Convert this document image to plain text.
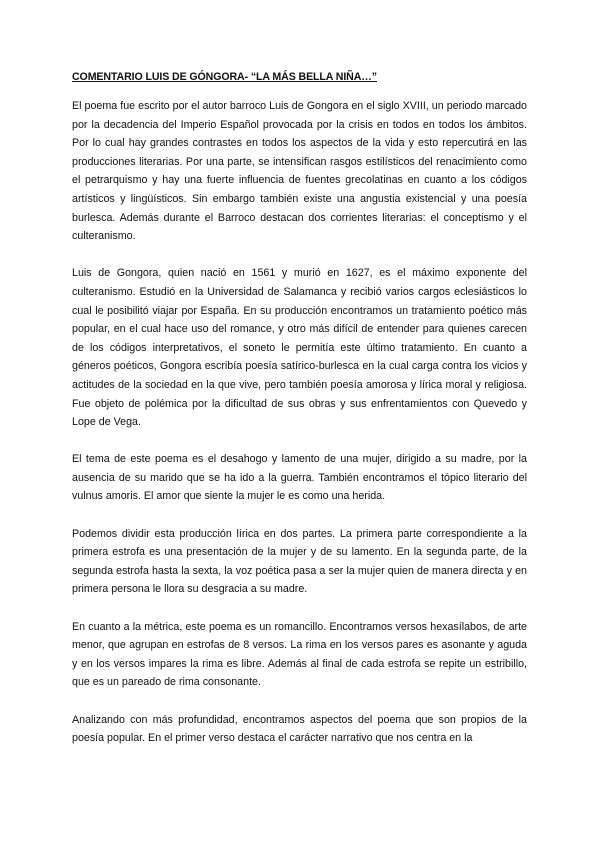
COMENTARIO LUIS DE GÓNGORA- “LA MÁS BELLA NIÑA…”

El poema fue escrito por el autor barroco Luis de Gongora en el siglo XVIII, un periodo marcado por la decadencia del Imperio Español provocada por la crisis en todos en todos los ámbitos. Por lo cual hay grandes contrastes en todos los aspectos de la vida y esto repercutirá en las producciones literarias. Por una parte, se intensifican rasgos estilísticos del renacimiento como el petrarquismo y hay una fuerte influencia de fuentes grecolatinas en cuanto a los códigos artísticos y lingüísticos. Sin embargo también existe una angustia existencial y una poesía burlesca. Además durante el Barroco destacan dos corrientes literarias: el conceptismo y el culteranismo.

Luis de Gongora, quien nació en 1561 y murió en 1627, es el máximo exponente del culteranismo. Estudió en la Universidad de Salamanca y recibió varios cargos eclesiásticos lo cual le posibilitó viajar por España. En su producción encontramos un tratamiento poético más popular, en el cual hace uso del romance, y otro más difícil de entender para quienes carecen de los códigos interpretativos, el soneto le permitía este último tratamiento. En cuanto a géneros poéticos, Gongora escribía poesía satírico-burlesca en la cual carga contra los vicios y actitudes de la sociedad en la que vive, pero también poesía amorosa y lírica moral y religiosa. Fue objeto de polémica por la dificultad de sus obras y sus enfrentamientos con Quevedo y Lope de Vega.

El tema de este poema es el desahogo y lamento de una mujer, dirigido a su madre, por la ausencia de su marido que se ha ido a la guerra. También encontramos el tópico literario del vulnus amoris. El amor que siente la mujer le es como una herida.

Podemos dividir esta producción lírica en dos partes. La primera parte correspondiente a la primera estrofa es una presentación de la mujer y de su lamento. En la segunda parte, de la segunda estrofa hasta la sexta, la voz poética pasa a ser la mujer quien de manera directa y en primera persona le llora su desgracia a su madre.

En cuanto a la métrica, este poema es un romancillo. Encontramos versos hexasílabos, de arte menor, que agrupan en estrofas de 8 versos. La rima en los versos pares es asonante y aguda y en los versos impares la rima es libre. Además al final de cada estrofa se repite un estribillo, que es un pareado de rima consonante.

Analizando con más profundidad, encontramos aspectos del poema que son propios de la poesía popular. En el primer verso destaca el carácter narrativo que nos centra en la
